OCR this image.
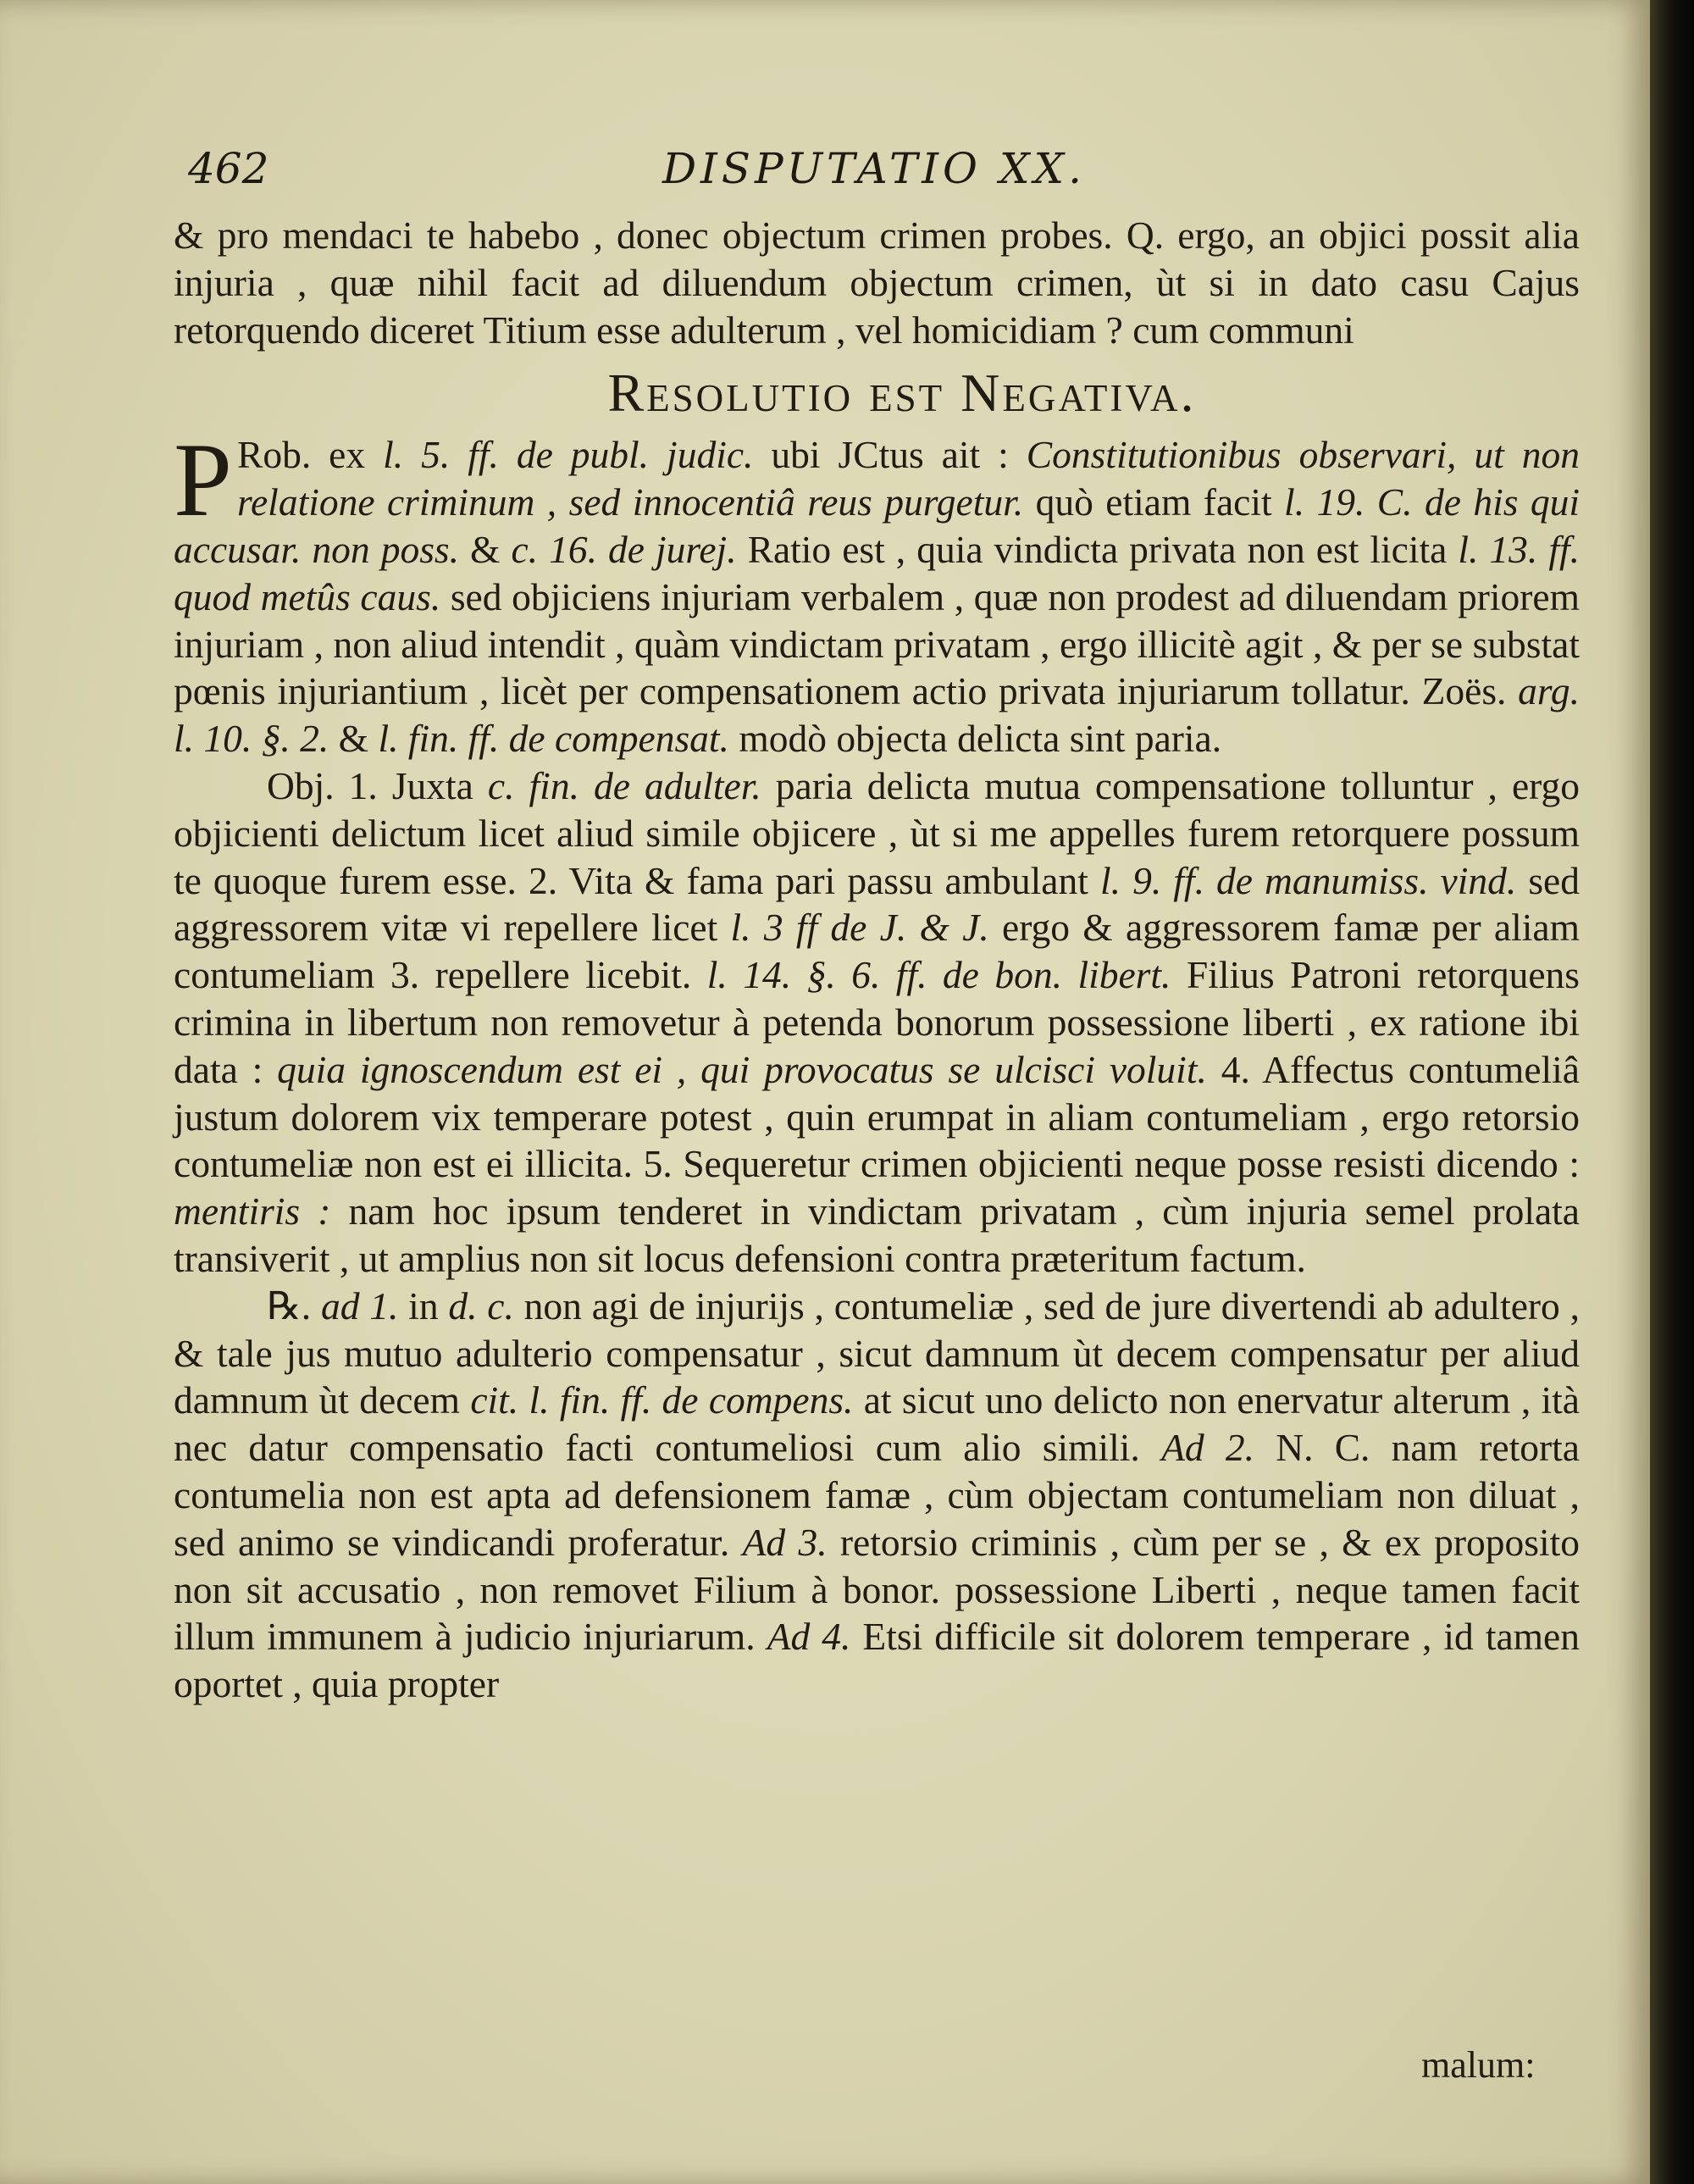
462	DISPUTATIO XX.

& pro mendaci te habebo , donec objectum crimen probes. Q. ergo, an objici possit alia injuria , quæ nihil facit ad diluendum objectum crimen, ùt si in dato casu Cajus retorquendo diceret Titium esse adulterum , vel homicidiam ? cum communi

Resolutio est Negativa.

P Rob. ex l. 5. ff. de publ. judic. ubi JCtus ait : Constitutionibus observari, ut non relatione criminum , sed innocentiâ reus purgetur. quò etiam facit l. 19. C. de his qui accusar. non poss. & c. 16. de jurej. Ratio est , quia vindicta privata non est licita l. 13. ff. quod metûs caus. sed objiciens injuriam verbalem , quæ non prodest ad diluendam priorem injuriam , non aliud intendit , quàm vindictam privatam , ergo illicitè agit , & per se substat pœnis injuriantium , licèt per compensationem actio privata injuriarum tollatur. Zoës. arg. l. 10. §. 2. & l. fin. ff. de compensat. modò objecta delicta sint paria.

Obj. 1. Juxta c. fin. de adulter. paria delicta mutua compensatione tolluntur , ergo objicienti delictum licet aliud simile objicere , ùt si me appelles furem retorquere possum te quoque furem esse. 2. Vita & fama pari passu ambulant l. 9. ff. de manumiss. vind. sed aggressorem vitæ vi repellere licet l. 3 ff de J. & J. ergo & aggressorem famæ per aliam contumeliam 3. repellere licebit. l. 14. §. 6. ff. de bon. libert. Filius Patroni retorquens crimina in libertum non removetur à petenda bonorum possessione liberti , ex ratione ibi data : quia ignoscendum est ei , qui provocatus se ulcisci voluit. 4. Affectus contumeliâ justum dolorem vix temperare potest , quin erumpat in aliam contumeliam , ergo retorsio contumeliæ non est ei illicita. 5. Sequeretur crimen objicienti neque posse resisti dicendo : mentiris : nam hoc ipsum tenderet in vindictam privatam , cùm injuria semel prolata transiverit , ut amplius non sit locus defensioni contra præteritum factum.

℞. ad 1. in d. c. non agi de injurijs , contumeliæ , sed de jure divertendi ab adultero , & tale jus mutuo adulterio compensatur , sicut damnum ùt decem compensatur per aliud damnum ùt decem cit. l. fin. ff. de compens. at sicut uno delicto non enervatur alterum , ità nec datur compensatio facti contumeliosi cum alio simili. Ad 2. N. C. nam retorta contumelia non est apta ad defensionem famæ , cùm objectam contumeliam non diluat , sed animo se vindicandi proferatur. Ad 3. retorsio criminis , cùm per se , & ex proposito non sit accusatio , non removet Filium à bonor. possessione Liberti , neque tamen facit illum immunem à judicio injuriarum. Ad 4. Etsi difficile sit dolorem temperare , id tamen oportet , quia propter

malum:
